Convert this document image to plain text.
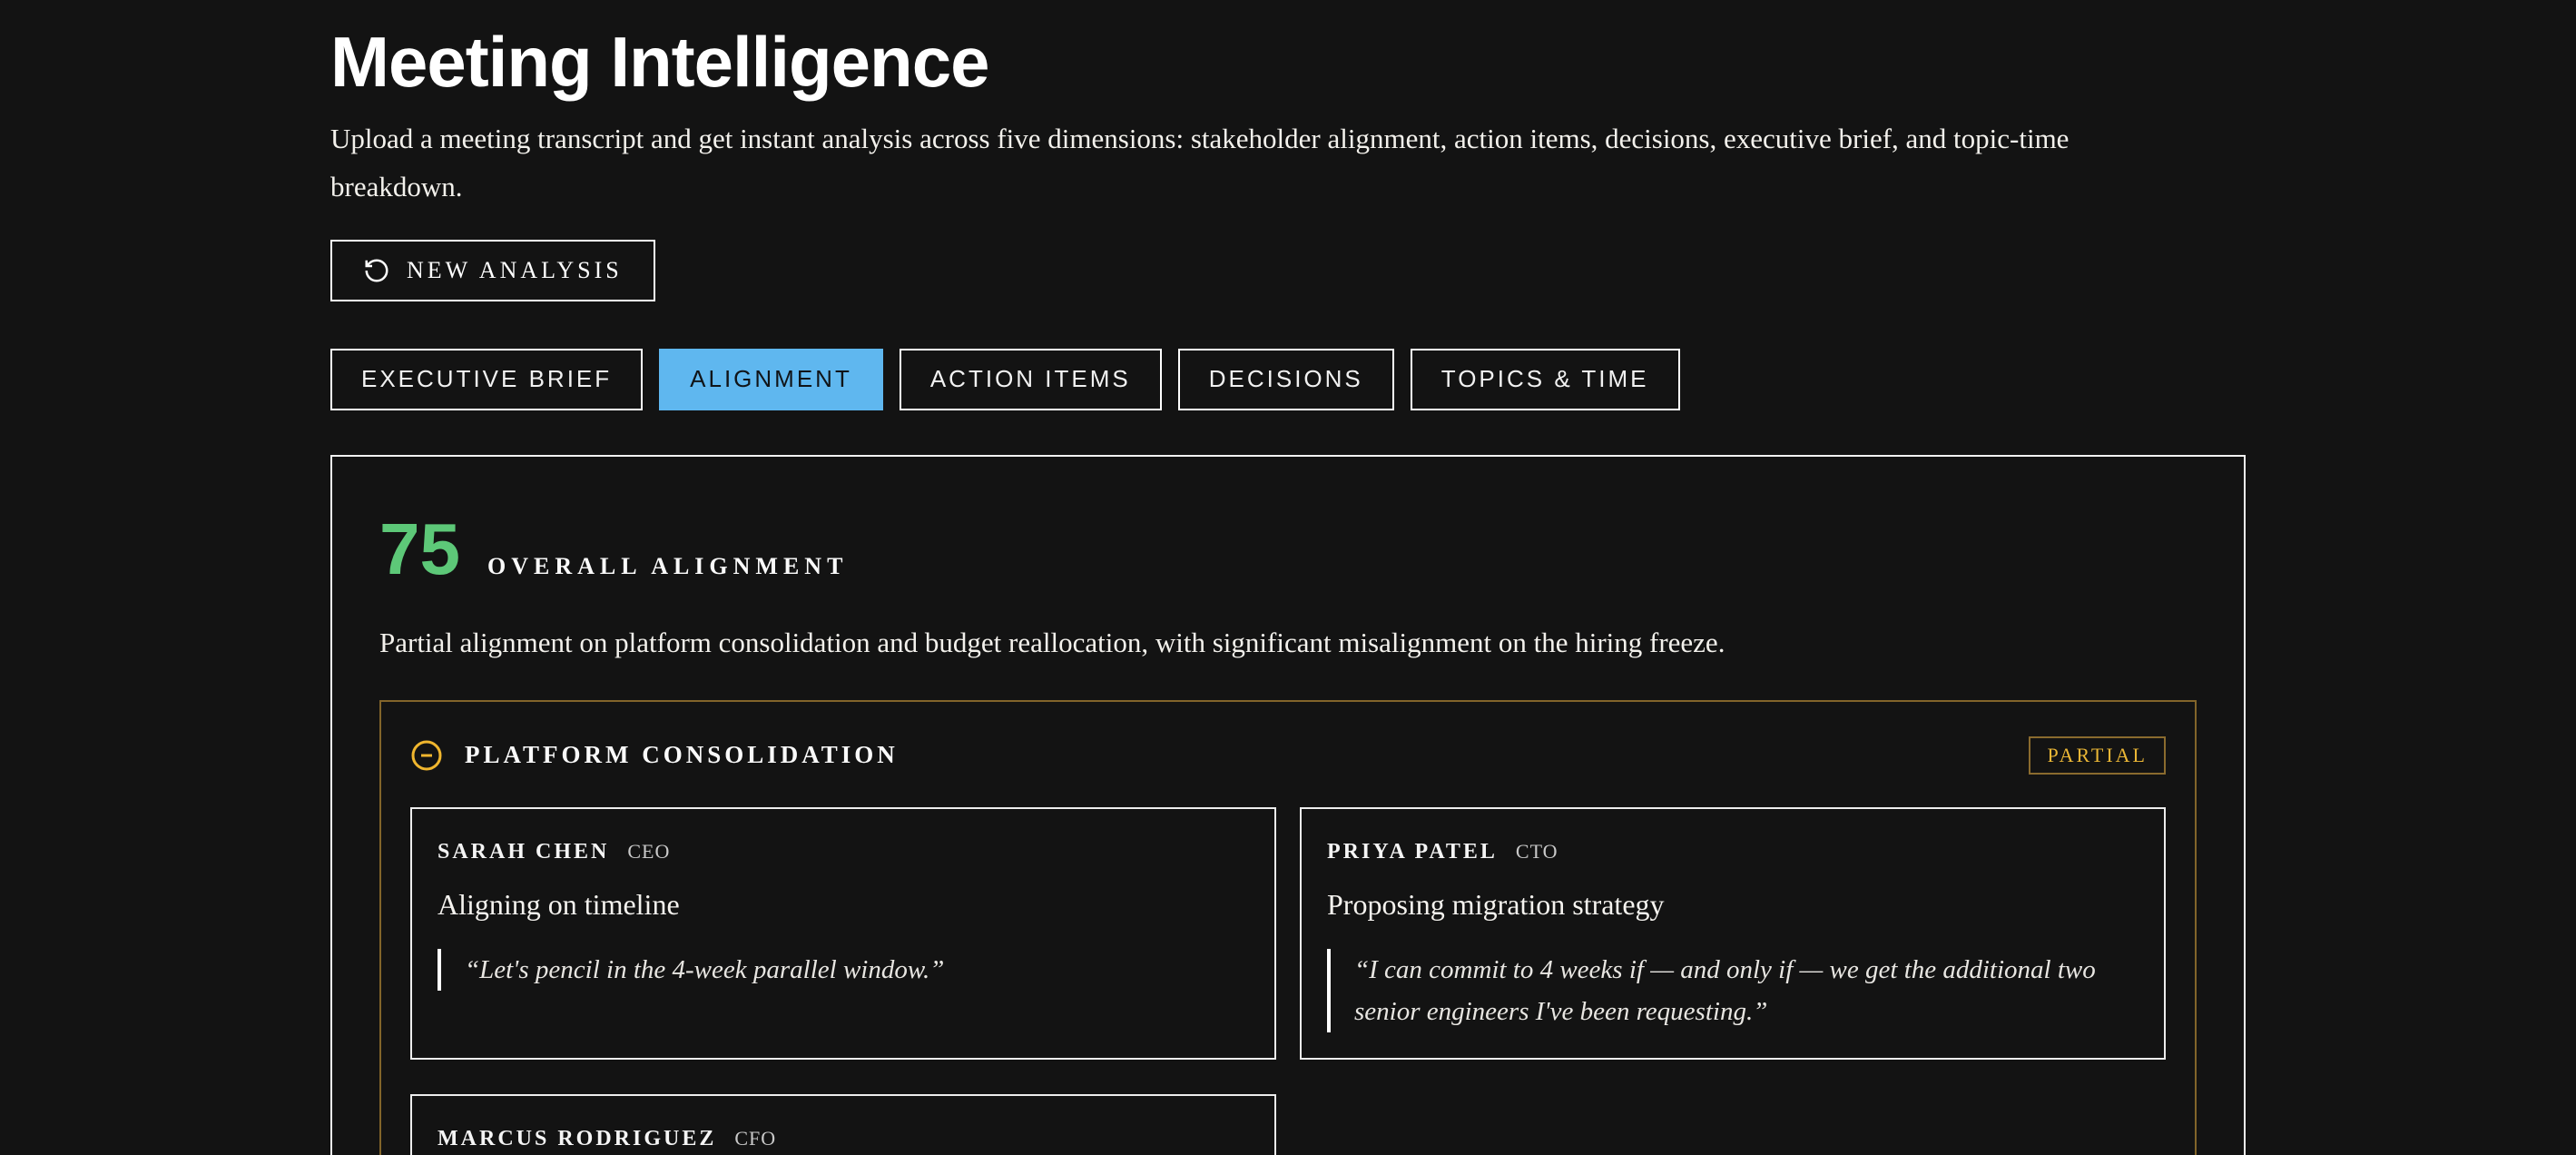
Meeting Intelligence

Upload a meeting transcript and get instant analysis across five dimensions: stakeholder alignment, action items, decisions, executive brief, and topic-time breakdown.

NEW ANALYSIS
EXECUTIVE BRIEF	ALIGNMENT	ACTION ITEMS	DECISIONS	TOPICS & TIME
75 OVERALL ALIGNMENT

Partial alignment on platform consolidation and budget reallocation, with significant misalignment on the hiring freeze.

PLATFORM CONSOLIDATION	PARTIAL
SARAH CHEN CEO
Aligning on timeline
“Let's pencil in the 4-week parallel window.”
PRIYA PATEL CTO
Proposing migration strategy
“I can commit to 4 weeks if — and only if — we get the additional two senior engineers I've been requesting.”
MARCUS RODRIGUEZ CFO
